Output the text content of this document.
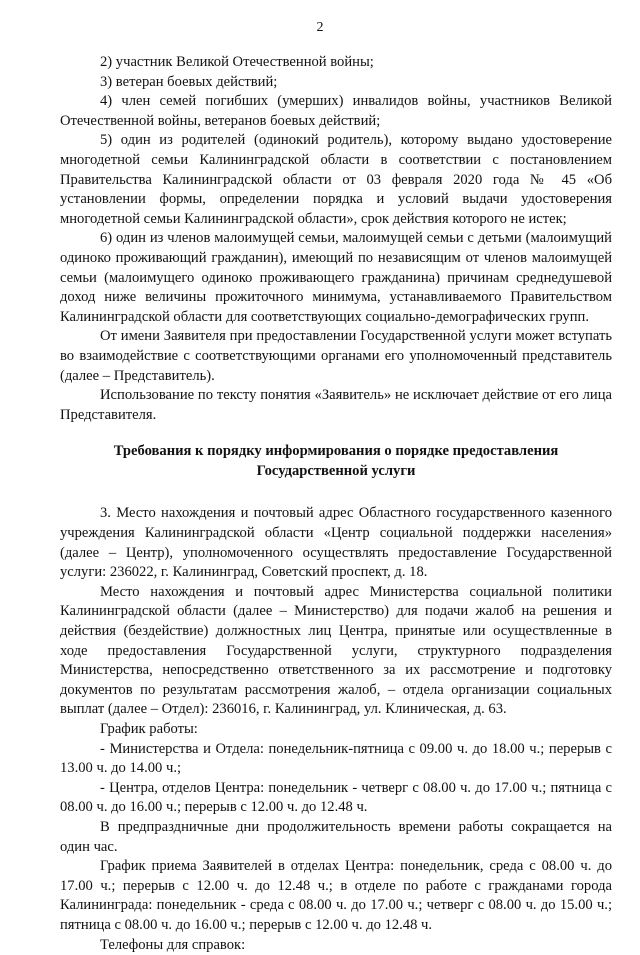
2

2) участник Великой Отечественной войны;

3) ветеран боевых действий;

4) член семей погибших (умерших) инвалидов войны, участников Великой Отечественной войны, ветеранов боевых действий;

5) один из родителей (одинокий родитель), которому выдано удостоверение многодетной семьи Калининградской области в соответствии с постановлением Правительства Калининградской области от 03 февраля 2020 года № 45 «Об установлении формы, определении порядка и условий выдачи удостоверения многодетной семьи Калининградской области», срок действия которого не истек;

6) один из членов малоимущей семьи, малоимущей семьи с детьми (малоимущий одиноко проживающий гражданин), имеющий по независящим от членов малоимущей семьи (малоимущего одиноко проживающего гражданина) причинам среднедушевой доход ниже величины прожиточного минимума, устанавливаемого Правительством Калининградской области для соответствующих социально-демографических групп.

От имени Заявителя при предоставлении Государственной услуги может вступать во взаимодействие с соответствующими органами его уполномоченный представитель (далее – Представитель).

Использование по тексту понятия «Заявитель» не исключает действие от его лица Представителя.

Требования к порядку информирования о порядке предоставления Государственной услуги

3. Место нахождения и почтовый адрес Областного государственного казенного учреждения Калининградской области «Центр социальной поддержки населения» (далее – Центр), уполномоченного осуществлять предоставление Государственной услуги: 236022, г. Калининград, Советский проспект, д. 18.

Место нахождения и почтовый адрес Министерства социальной политики Калининградской области (далее – Министерство) для подачи жалоб на решения и действия (бездействие) должностных лиц Центра, принятые или осуществленные в ходе предоставления Государственной услуги, структурного подразделения Министерства, непосредственно ответственного за их рассмотрение и подготовку документов по результатам рассмотрения жалоб, – отдела организации социальных выплат (далее – Отдел): 236016, г. Калининград, ул. Клиническая, д. 63.

График работы:

- Министерства и Отдела: понедельник-пятница с 09.00 ч. до 18.00 ч.; перерыв с 13.00 ч. до 14.00 ч.;

- Центра, отделов Центра: понедельник - четверг с 08.00 ч. до 17.00 ч.; пятница с 08.00 ч. до 16.00 ч.; перерыв с 12.00 ч. до 12.48 ч.

В предпраздничные дни продолжительность времени работы сокращается на один час.

График приема Заявителей в отделах Центра: понедельник, среда с 08.00 ч. до 17.00 ч.; перерыв с 12.00 ч. до 12.48 ч.; в отделе по работе с гражданами города Калининграда: понедельник - среда с 08.00 ч. до 17.00 ч.; четверг с 08.00 ч. до 15.00 ч.; пятница с 08.00 ч. до 16.00 ч.; перерыв с 12.00 ч. до 12.48 ч.

Телефоны для справок:
